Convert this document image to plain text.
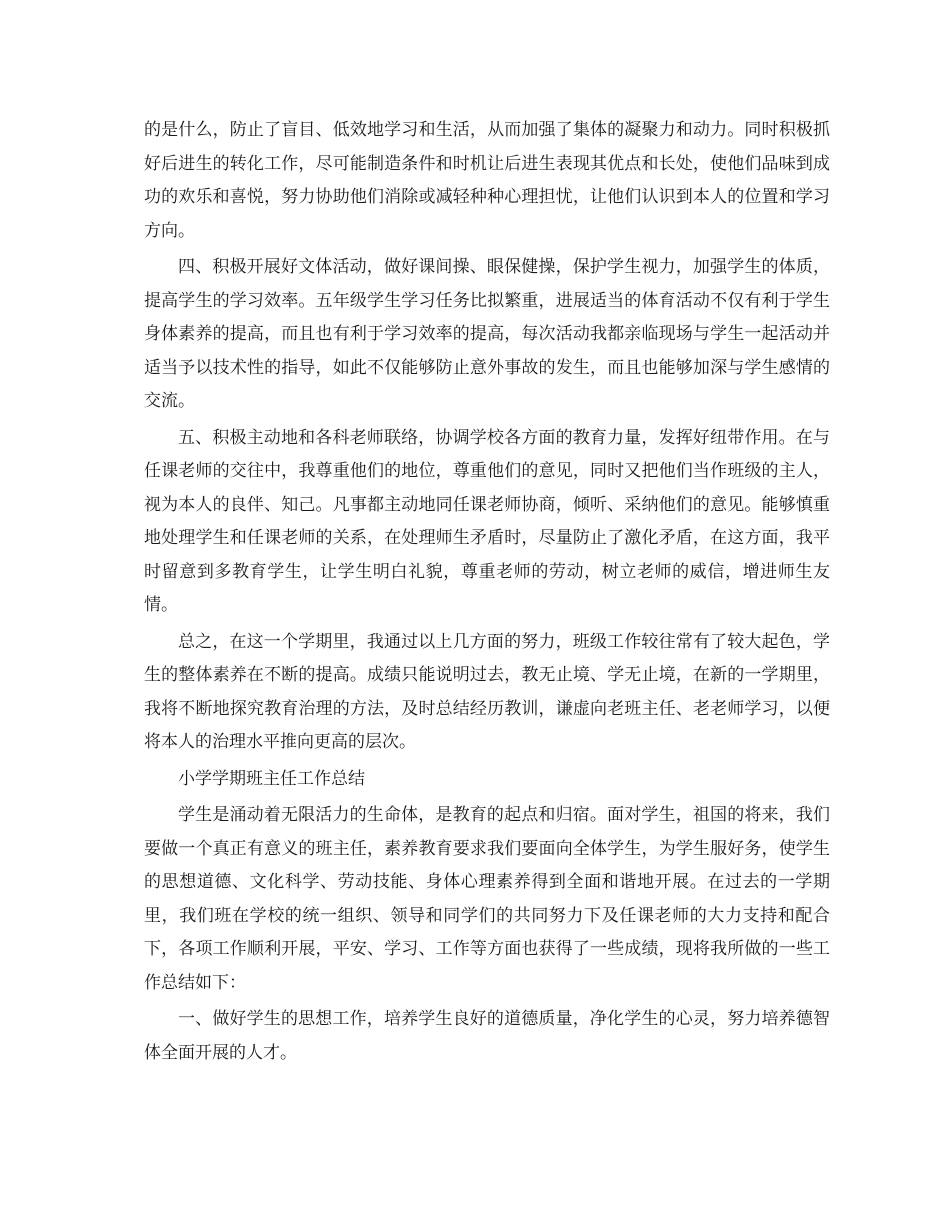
的是什么，防止了盲目、低效地学习和生活，从而加强了集体的凝聚力和动力。同时积极抓好后进生的转化工作，尽可能制造条件和时机让后进生表现其优点和长处，使他们品味到成功的欢乐和喜悦，努力协助他们消除或减轻种种心理担忧，让他们认识到本人的位置和学习方向。

四、积极开展好文体活动，做好课间操、眼保健操，保护学生视力，加强学生的体质，提高学生的学习效率。五年级学生学习任务比拟繁重，进展适当的体育活动不仅有利于学生身体素养的提高，而且也有利于学习效率的提高，每次活动我都亲临现场与学生一起活动并适当予以技术性的指导，如此不仅能够防止意外事故的发生，而且也能够加深与学生感情的交流。

五、积极主动地和各科老师联络，协调学校各方面的教育力量，发挥好纽带作用。在与任课老师的交往中，我尊重他们的地位，尊重他们的意见，同时又把他们当作班级的主人，视为本人的良伴、知己。凡事都主动地同任课老师协商，倾听、采纳他们的意见。能够慎重地处理学生和任课老师的关系，在处理师生矛盾时，尽量防止了激化矛盾，在这方面，我平时留意到多教育学生，让学生明白礼貌，尊重老师的劳动，树立老师的威信，增进师生友情。

总之，在这一个学期里，我通过以上几方面的努力，班级工作较往常有了较大起色，学生的整体素养在不断的提高。成绩只能说明过去，教无止境、学无止境，在新的一学期里，我将不断地探究教育治理的方法，及时总结经历教训，谦虚向老班主任、老老师学习，以便将本人的治理水平推向更高的层次。

小学学期班主任工作总结

学生是涌动着无限活力的生命体，是教育的起点和归宿。面对学生，祖国的将来，我们要做一个真正有意义的班主任，素养教育要求我们要面向全体学生，为学生服好务，使学生的思想道德、文化科学、劳动技能、身体心理素养得到全面和谐地开展。在过去的一学期里，我们班在学校的统一组织、领导和同学们的共同努力下及任课老师的大力支持和配合下，各项工作顺利开展，平安、学习、工作等方面也获得了一些成绩，现将我所做的一些工作总结如下：

一、做好学生的思想工作，培养学生良好的道德质量，净化学生的心灵，努力培养德智体全面开展的人才。
